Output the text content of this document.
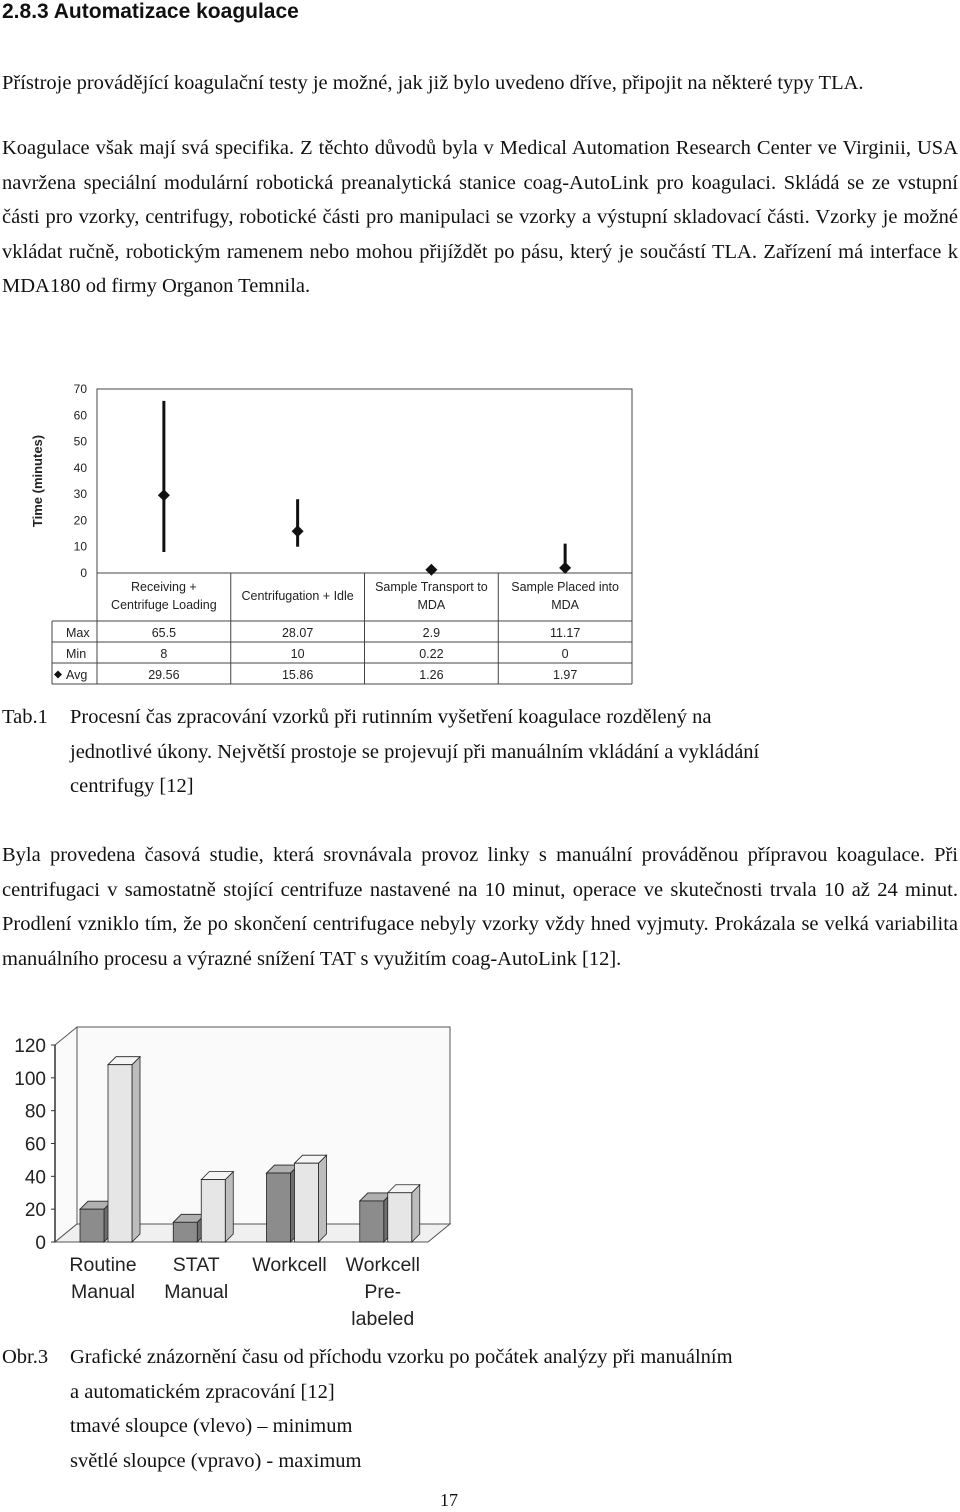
2.8.3 Automatizace koagulace

Přístroje provádějící koagulační testy je možné, jak již bylo uvedeno dříve, připojit na některé typy TLA.

Koagulace však mají svá specifika. Z těchto důvodů byla v Medical Automation Research Center ve Virginii, USA navržena speciální modulární robotická preanalytická stanice coag-AutoLink pro koagulaci. Skládá se ze vstupní části pro vzorky, centrifugy, robotické části pro manipulaci se vzorky a výstupní skladovací části. Vzorky je možné vkládat ručně, robotickým ramenem nebo mohou přijíždět po pásu, který je součástí TLA. Zařízení má interface k MDA180 od firmy Organon Temnila.

0
10
20
30
40
50
60
70
Time (minutes)
Receiving +
Centrifuge Loading
Centrifugation + Idle
Sample Transport to
MDA
Sample Placed into
MDA
Max	65.5	28.07	2.9	11.17
Min	8	10	0.22	0
Avg	29.56	15.86	1.26	1.97
Tab.1 Procesní čas zpracování vzorků při rutinním vyšetření koagulace rozdělený na
jednotlivé úkony. Největší prostoje se projevují při manuálním vkládání a vykládání
centrifugy [12]

Byla provedena časová studie, která srovnávala provoz linky s manuální prováděnou přípravou koagulace. Při centrifugaci v samostatně stojící centrifuze nastavené na 10 minut, operace ve skutečnosti trvala 10 až 24 minut. Prodlení vzniklo tím, že po skončení centrifugace nebyly vzorky vždy hned vyjmuty. Prokázala se velká variabilita manuálního procesu a výrazné snížení TAT s využitím coag-AutoLink [12].

0
20
40
60
80
100
120
Routine
Manual
STAT
Manual
Workcell Workcell
Pre-
labeled
Obr.3 Grafické znázornění času od příchodu vzorku po počátek analýzy při manuálním
a automatickém zpracování [12]
tmavé sloupce (vlevo) – minimum
světlé sloupce (vpravo) - maximum
17
